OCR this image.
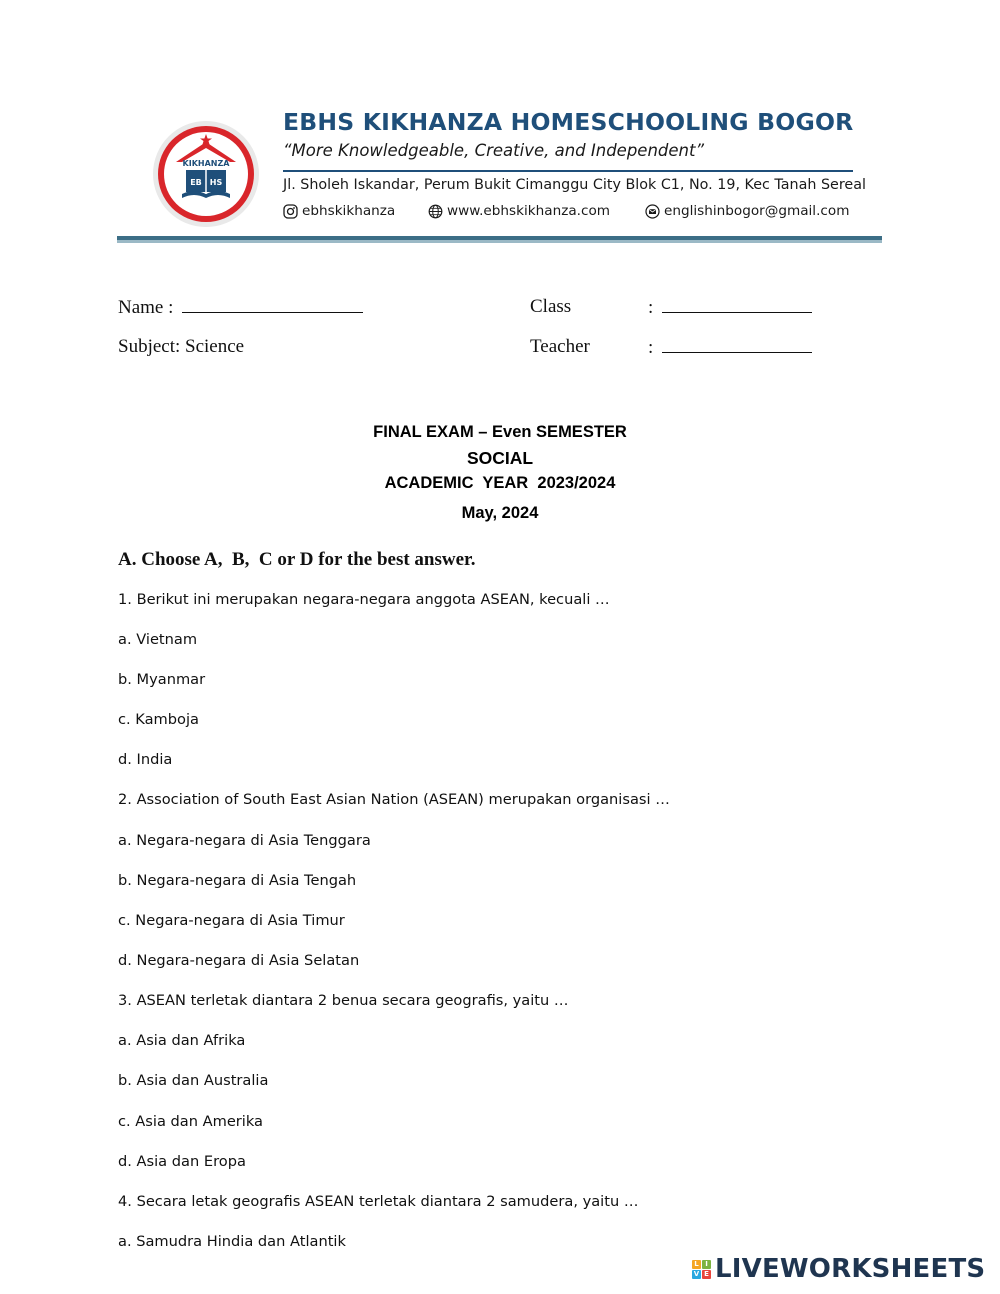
KIKHANZA
EB HS
EBHS KIKHANZA HOMESCHOOLING BOGOR
“More Knowledgeable, Creative, and Independent”
Jl. Sholeh Iskandar, Perum Bukit Cimanggu City Blok C1, No. 19, Kec Tanah Sereal
ebhskikhanza	www.ebhskikhanza.com	englishinbogor@gmail.com
Name :	Class	:
Subject: Science	Teacher	:
FINAL EXAM – Even SEMESTER
SOCIAL
ACADEMIC  YEAR  2023/2024
May, 2024
A. Choose A,  B,  C or D for the best answer.
1. Berikut ini merupakan negara-negara anggota ASEAN, kecuali …
a. Vietnam
b. Myanmar
c. Kamboja
d. India
2. Association of South East Asian Nation (ASEAN) merupakan organisasi …
a. Negara-negara di Asia Tenggara
b. Negara-negara di Asia Tengah
c. Negara-negara di Asia Timur
d. Negara-negara di Asia Selatan
3. ASEAN terletak diantara 2 benua secara geografis, yaitu …
a. Asia dan Afrika
b. Asia dan Australia
c. Asia dan Amerika
d. Asia dan Eropa
4. Secara letak geografis ASEAN terletak diantara 2 samudera, yaitu …
a. Samudra Hindia dan Atlantik
L I
V E LIVEWORKSHEETS
